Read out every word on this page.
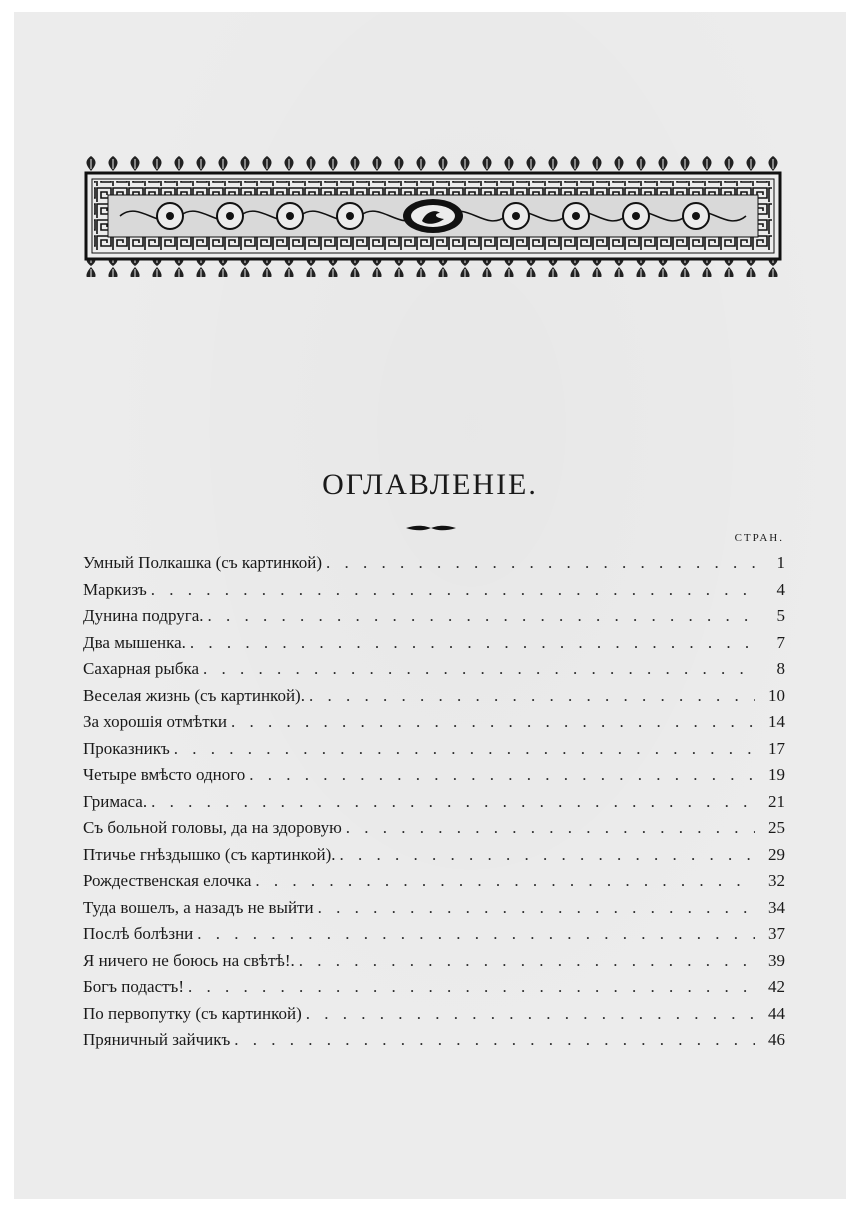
ОГЛАВЛЕНIЕ.
СТРАН.
Умный Полкашка (съ картинкой) . . .	1
Маркизъ . . .	4
Дунина подруга. . . .	5
Два мышенка. . . .	7
Сахарная рыбка . . .	8
Веселая жизнь (съ картинкой). . . .	10
За хорошiя отмѣтки . . .	14
Проказникъ . . .	17
Четыре вмѣсто одного . . .	19
Гримаса. . . .	21
Съ больной головы, да на здоровую . . .	25
Птичье гнѣздышко (съ картинкой). . . .	29
Рождественская елочка . . .	32
Туда вошелъ, а назадъ не выйти . . .	34
Послѣ болѣзни . . .	37
Я ничего не боюсь на свѣтѣ!. . . .	39
Богъ подастъ! . . .	42
По первопутку (съ картинкой) . . .	44
Пряничный зайчикъ . . .	46
